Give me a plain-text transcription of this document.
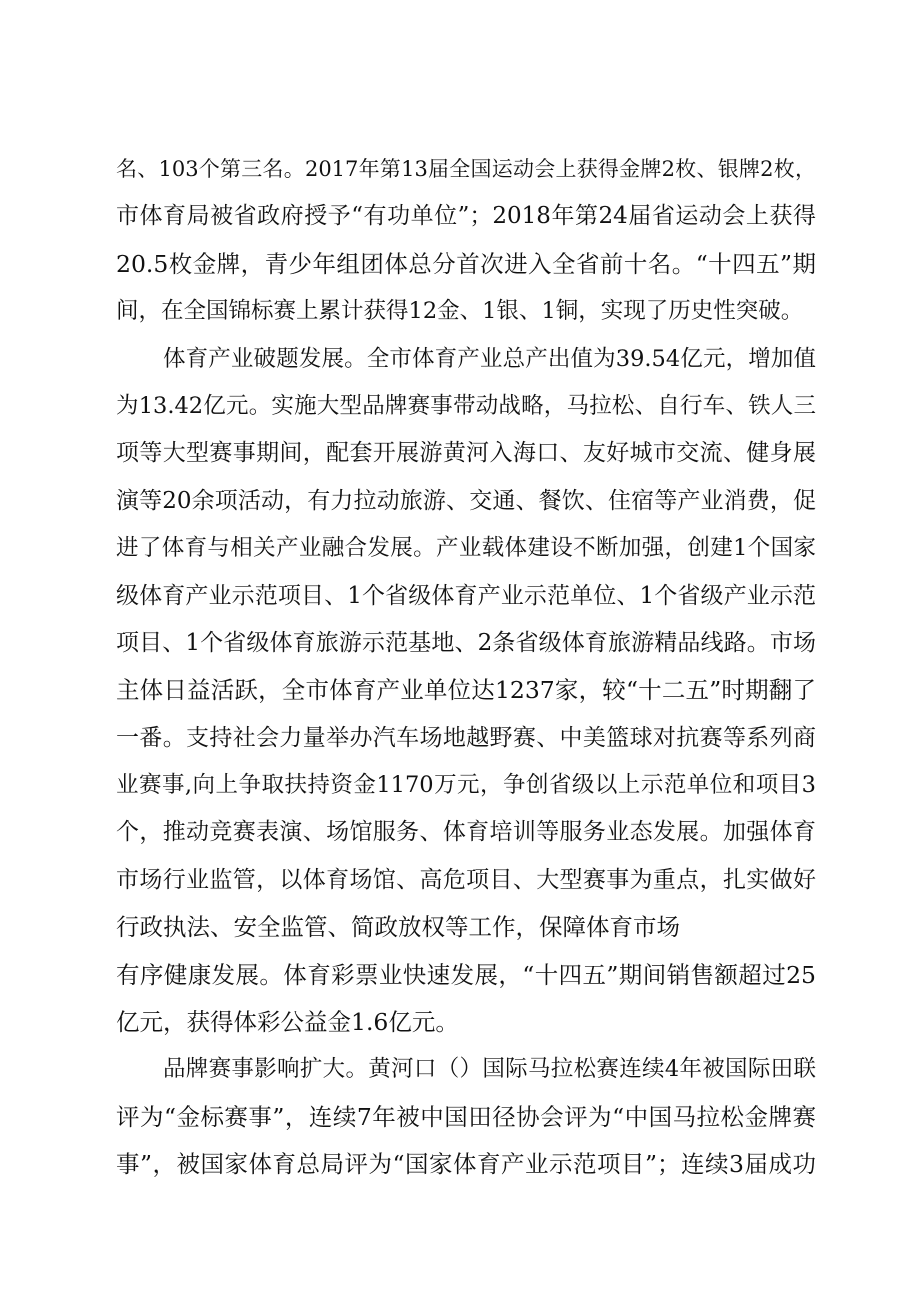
名、103个第三名。2017年第13届全国运动会上获得金牌2枚、银牌2枚，
市体育局被省政府授予“有功单位”；2018年第24届省运动会上获得
20.5枚金牌，青少年组团体总分首次进入全省前十名。“十四五”期
间，在全国锦标赛上累计获得12金、1银、1铜，实现了历史性突破。
体育产业破题发展。全市体育产业总产出值为39.54亿元，增加值
为13.42亿元。实施大型品牌赛事带动战略，马拉松、自行车、铁人三
项等大型赛事期间，配套开展游黄河入海口、友好城市交流、健身展
演等20余项活动，有力拉动旅游、交通、餐饮、住宿等产业消费，促
进了体育与相关产业融合发展。产业载体建设不断加强，创建1个国家
级体育产业示范项目、1个省级体育产业示范单位、1个省级产业示范
项目、1个省级体育旅游示范基地、2条省级体育旅游精品线路。市场
主体日益活跃，全市体育产业单位达1237家，较“十二五”时期翻了
一番。支持社会力量举办汽车场地越野赛、中美篮球对抗赛等系列商
业赛事,向上争取扶持资金1170万元，争创省级以上示范单位和项目3
个，推动竞赛表演、场馆服务、体育培训等服务业态发展。加强体育
市场行业监管，以体育场馆、高危项目、大型赛事为重点，扎实做好
行政执法、安全监管、简政放权等工作，保障体育市场
有序健康发展。体育彩票业快速发展，“十四五”期间销售额超过25
亿元，获得体彩公益金1.6亿元。
品牌赛事影响扩大。黄河口（）国际马拉松赛连续4年被国际田联
评为“金标赛事”，连续7年被中国田径协会评为“中国马拉松金牌赛
事”，被国家体育总局评为“国家体育产业示范项目”；连续3届成功
